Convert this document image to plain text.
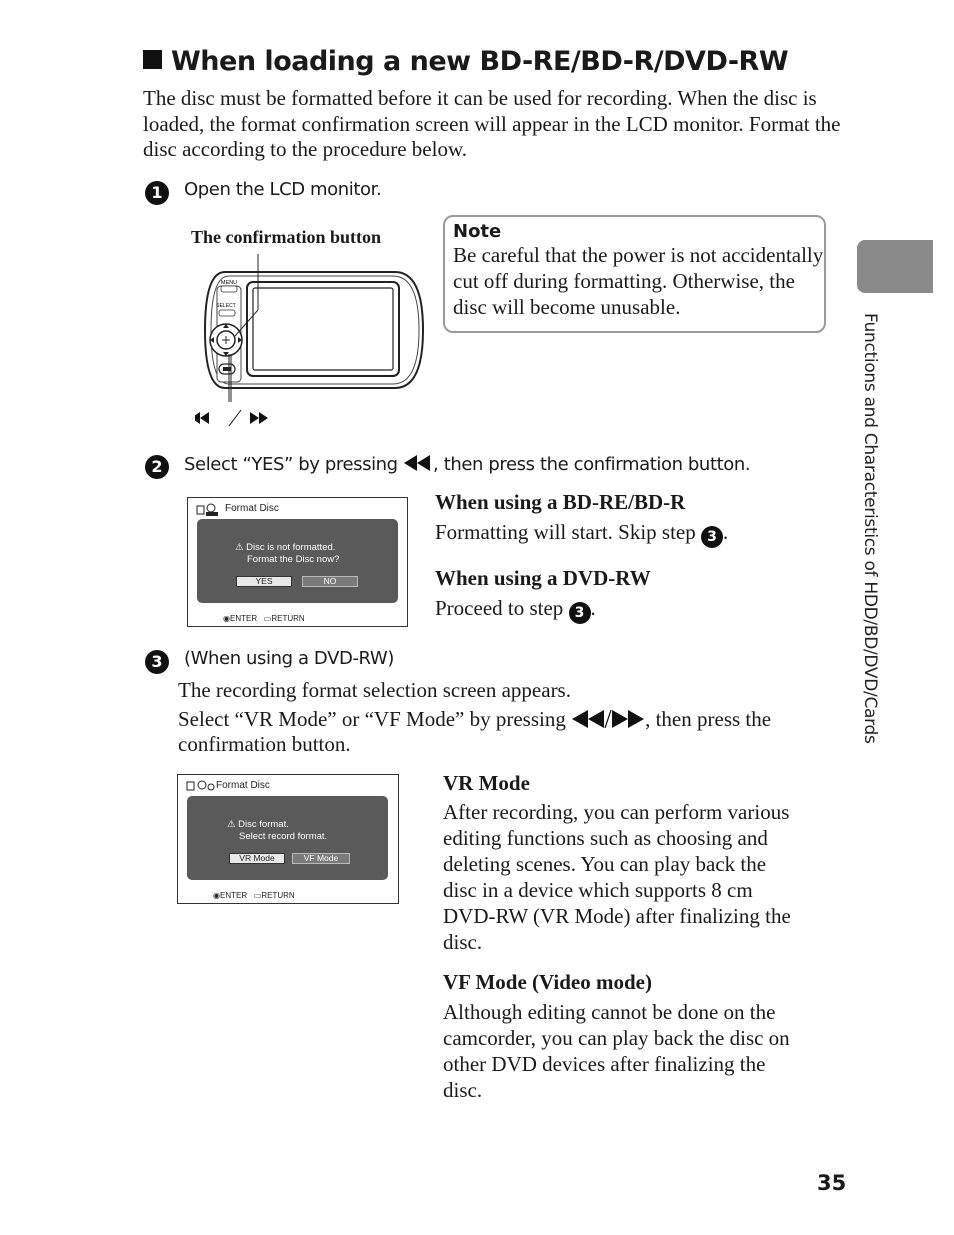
When loading a new BD-RE/BD-R/DVD-RW
The disc must be formatted before it can be used for recording. When the disc is loaded, the format confirmation screen will appear in the LCD monitor. Format the disc according to the procedure below.
1	Open the LCD monitor.
The confirmation button
MENU
SELECT
Note
Be careful that the power is not accidentally cut off during formatting. Otherwise, the disc will become unusable.
2	Select “YES” by pressing , then press the confirmation button.
Format Disc
⚠ Disc is not formatted.
Format the Disc now?
YES	NO
◉ENTER ▭RETURN
When using a BD-RE/BD-R
Formatting will start. Skip step 3 .
When using a DVD-RW
Proceed to step 3 .
3	(When using a DVD-RW)
The recording format selection screen appears.
Select “VR Mode” or “VF Mode” by pressing	, then press the
confirmation button.
Format Disc
⚠ Disc format.
Select record format.
VR Mode	VF Mode
◉ENTER ▭RETURN
VR Mode
After recording, you can perform various editing functions such as choosing and deleting scenes. You can play back the disc in a device which supports 8 cm DVD-RW (VR Mode) after finalizing the disc.
VF Mode (Video mode)
Although editing cannot be done on the camcorder, you can play back the disc on other DVD devices after finalizing the disc.
Functions and Characteristics of HDD/BD/DVD/Cards
35
